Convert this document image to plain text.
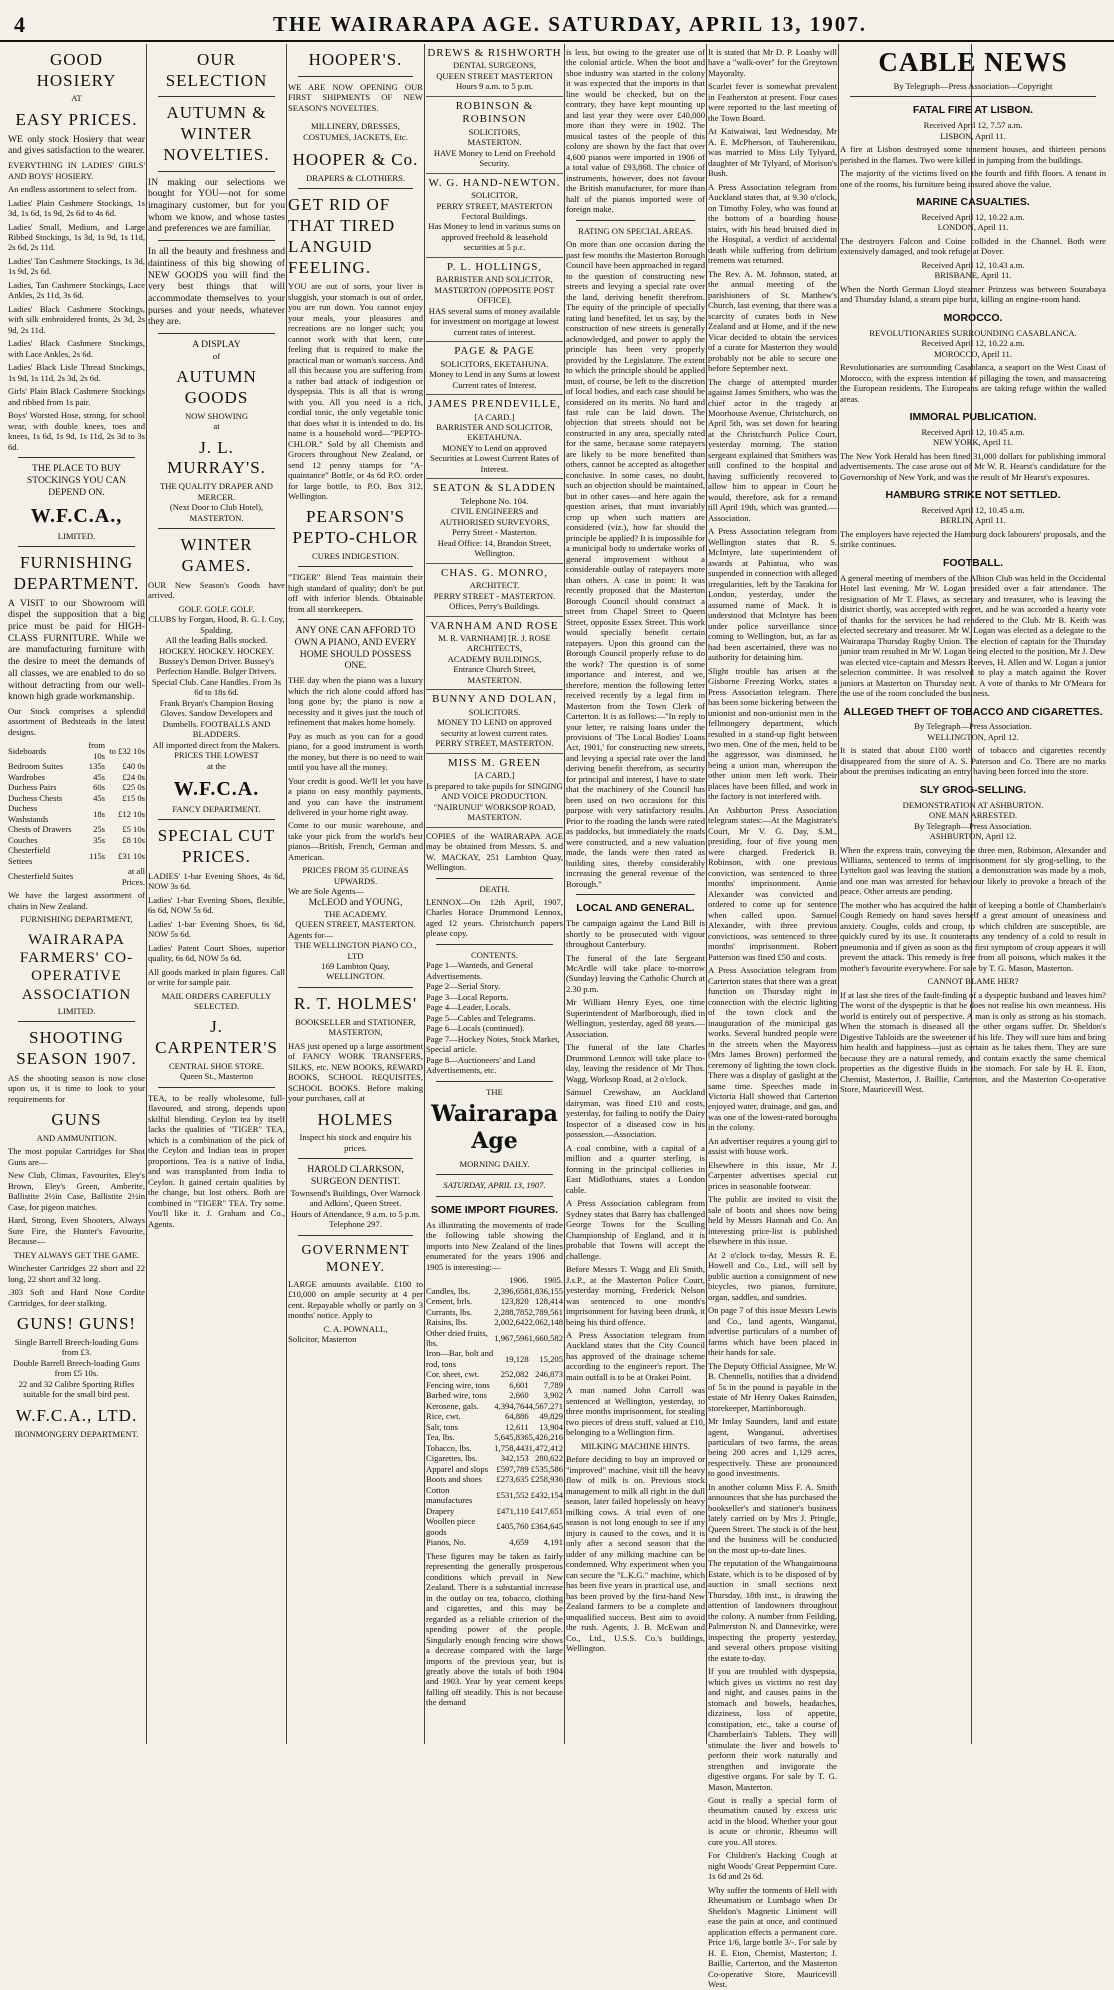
4	THE WAIRARAPA AGE. SATURDAY, APRIL 13, 1907.
GOOD HOSIERY
AT
EASY PRICES.
WE only stock Hosiery that wear and gives satisfaction to the wearer.
EVERYTHING IN LADIES' GIRLS' AND BOYS' HOSIERY.
An endless assortment to select from.
Ladies' Plain Cashmere Stockings, 1s 3d, 1s 6d, 1s 9d, 2s 6d to 4s 6d.
Ladies' Small, Medium, and Large Ribbed Stockings, 1s 3d, 1s 9d, 1s 11d, 2s 6d, 2s 11d.
Ladies' Tan Cashmere Stockings, 1s 3d, 1s 9d, 2s 6d.
Ladies, Tan Cashmere Stockings, Lace Ankles, 2s 11d, 3s 6d.
Ladies' Black Cashmere Stockings, with silk embroidered fronts, 2s 3d, 2s 9d, 2s 11d.
Ladies' Black Cashmere Stockings, with Lace Ankles, 2s 6d.
Ladies' Black Lisle Thread Stockings, 1s 9d, 1s 11d, 2s 3d, 2s 6d.
Girls' Plain Black Cashmere Stockings and ribbed from 1s pair.
Boys' Worsted Hose, strong, for school wear, with double knees, toes and knees, 1s 6d, 1s 9d, 1s 11d, 2s 3d to 3s 6d.
THE PLACE TO BUY STOCKINGS YOU CAN DEPEND ON.
W.F.C.A.,
LIMITED.
FURNISHING DEPARTMENT.
A VISIT to our Showroom will dispel the supposition that a big price must be paid for HIGH-CLASS FURNITURE. While we are manufacturing furniture with the desire to meet the demands of all classes, we are enabled to do so without detracting from our well-known high grade workmanship.
Our Stock comprises a splendid assortment of Bedsteads in the latest designs.
Sideboards	from 10s	to £32 10s
Bedroom Suites	135s	£40 0s
Wardrobes	45s	£24 0s
Duchess Pairs	60s	£25 0s
Duchess Chests	45s	£15 0s
Duchess Washstands	18s	£12 10s
Chests of Drawers	25s	£5 10s
Couches	35s	£8 10s
Chesterfield Settees	115s	£31 10s
Chesterfield Suites		at all Prices.
We have the largest assortment of chairs in New Zealand.
FURNISHING DEPARTMENT,
WAIRARAPA FARMERS' CO-OPERATIVE ASSOCIATION
LIMITED.
SHOOTING SEASON 1907.
AS the shooting season is now close upon us, it is time to look to your requirements for
GUNS
AND AMMUNITION.
The most popular Cartridges for Shot Guns are—
New Club, Climax, Favourites, Eley's Brown, Eley's Green, Amberite, Ballistite 2½in Case, Ballistite 2½in Case, for pigeon matches.
Hard, Strong, Even Shooters, Always Sure Fire, the Hunter's Favourite, Because—
THEY ALWAYS GET THE GAME.
Winchester Cartridges 22 short and 22 long, 22 short and 32 long.
.303 Soft and Hard Nose Cordite Cartridges, for deer stalking.
GUNS! GUNS!
Single Barrell Breech-loading Guns from £3.
Double Barrell Breech-loading Guns from £5 10s.
22 and 32 Calibre Sporting Rifles suitable for the small bird pest.
W.F.C.A., LTD.
IRONMONGERY DEPARTMENT.
OUR SELECTION
AUTUMN & WINTER NOVELTIES.
IN making our selections we bought for YOU—not for some imaginary customer, but for you whom we know, and whose tastes and preferences we are familiar.
In all the beauty and freshness and daintiness of this big showing of NEW GOODS you will find the very best things that will accommodate themselves to your purses and your needs, whatever they are.
A DISPLAY
of
AUTUMN GOODS
NOW SHOWING
at
J. L. MURRAY'S.
THE QUALITY DRAPER AND MERCER.
(Next Door to Club Hotel), MASTERTON.
WINTER GAMES.
OUR New Season's Goods have arrived.
GOLF. GOLF. GOLF.
CLUBS by Forgan, Hood, B. G. I. Coy, Spalding.
All the leading Balls stocked.
HOCKEY. HOCKEY. HOCKEY.
Bussey's Demon Driver. Bussey's Perfection Handle. Bulger Drivers. Special Club. Cane Handles. From 3s 6d to 18s 6d.
Frank Bryan's Champion Boxing Gloves. Sandow Developers and Dumbells. FOOTBALLS AND BLADDERS.
All imported direct from the Makers.
PRICES THE LOWEST
at the
W.F.C.A.
FANCY DEPARTMENT.
SPECIAL CUT PRICES.
LADIES' 1-bar Evening Shoes, 4s 6d, NOW 3s 6d.
Ladies' 1-bar Evening Shoes, flexible, 6s 6d, NOW 5s 6d.
Ladies' 1-bar Evening Shoes, 6s 6d, NOW 5s 6d.
Ladies' Patent Court Shoes, superior quality, 6s 6d, NOW 5s 6d.
All goods marked in plain figures. Call or write for sample pair.
MAIL ORDERS CAREFULLY SELECTED.
J. CARPENTER'S
CENTRAL SHOE STORE.
Queen St., Masterton
TEA, to be really wholesome, full-flavoured, and strong, depends upon skilful blending. Ceylon tea by itself lacks the qualities of "TIGER" TEA, which is a combination of the pick of the Ceylon and Indian teas in proper proportions. Tea is a native of India, and was transplanted from India to Ceylon. It gained certain qualities by the change, but lost others. Both are combined in "TIGER" TEA. Try some. You'll like it. J. Graham and Co., Agents.
HOOPER'S.
WE ARE NOW OPENING OUR FIRST SHIPMENTS OF NEW SEASON'S NOVELTIES.
MILLINERY, DRESSES, COSTUMES, JACKETS, Etc.
HOOPER & Co.
DRAPERS & CLOTHIERS.
GET RID OF THAT TIRED LANGUID FEELING.
YOU are out of sorts, your liver is sluggish, your stomach is out of order, you are run down. You cannot enjoy your meals, your pleasures and recreations are no longer such; you cannot work with that keen, cute feeling that is required to make the practical man or woman's success. And all this because you are suffering from a rather bad attack of indigestion or dyspepsia. This is all that is wrong with you. All you need is a rich, cordial tonic, the only vegetable tonic that does what it is intended to do. Its name is a household word—"PEPTO-CHLOR." Sold by all Chemists and Grocers throughout New Zealand, or send 12 penny stamps for "A-quaintance" Bottle, or 4s 6d P.O. order for large bottle, to P.O. Box 312, Wellington.
PEARSON'S PEPTO-CHLOR
CURES INDIGESTION.
"TIGER" Blend Teas maintain their high standard of quality; don't be put off with inferior blends. Obtainable from all storekeepers.
ANY ONE CAN AFFORD TO OWN A PIANO, AND EVERY HOME SHOULD POSSESS ONE.
THE day when the piano was a luxury which the rich alone could afford has long gone by; the piano is now a necessity and it gives just the touch of refinement that makes home homely.
Pay as much as you can for a good piano, for a good instrument is worth the money, but there is no need to wait until you have all the money.
Your credit is good. We'll let you have a piano on easy monthly payments, and you can have the instrument delivered in your home right away.
Come to our music warehouse, and take your pick from the world's best pianos—British, French, German and American.
PRICES FROM 35 GUINEAS UPWARDS.
We are Sole Agents—
McLEOD and YOUNG,
THE ACADEMY.
QUEEN STREET, MASTERTON.
Agents for—
THE WELLINGTON PIANO CO., LTD
169 Lambton Quay,
WELLINGTON.
R. T. HOLMES'
BOOKSELLER and STATIONER,
MASTERTON,
HAS just opened up a large assortment of FANCY WORK TRANSFERS, SILKS, etc. NEW BOOKS, REWARD BOOKS, SCHOOL REQUISITES, SCHOOL BOOKS. Before making your purchases, call at
HOLMES
Inspect his stock and enquire his prices.
HAROLD CLARKSON, SURGEON DENTIST.
Townsend's Buildings, Over Warnock and Adkins', Queen Street.
Hours of Attendance, 9 a.m. to 5 p.m. Telephone 297.
GOVERNMENT MONEY.
LARGE amounts available. £100 to £10,000 on ample security at 4 per cent. Repayable wholly or partly on 3 months' notice. Apply to
C. A. POWNALL,
Solicitor, Masterton
DREWS & RISHWORTH
DENTAL SURGEONS,
QUEEN STREET MASTERTON
Hours 9 a.m. to 5 p.m.
ROBINSON & ROBINSON
SOLICITORS,
MASTERTON.
HAVE Money to Lend on Freehold Security.
W. G. HAND-NEWTON.
SOLICITOR,
PERRY STREET, MASTERTON
Fectoral Buildings.
Has Money to lend in various sums on approved freehold & leasehold securities at 5 p.c.
P. L. HOLLINGS,
BARRISTER AND SOLICITOR,
MASTERTON (OPPOSITE POST OFFICE).
HAS several sums of money available for investment on mortgage at lowest current rates of interest.
PAGE & PAGE
SOLICITORS, EKETAHUNA.
Money to Lend in any Sums at lowest Current rates of Interest.
JAMES PRENDEVILLE,
[A CARD.]
BARRISTER AND SOLICITOR,
EKETAHUNA.
MONEY to Lend on approved Securities at Lowest Current Rates of Interest.
SEATON & SLADDEN
Telephone No. 104.
CIVIL ENGINEERS and AUTHORISED SURVEYORS,
Perry Street - Masterton.
Head Office: 14, Brandon Street, Wellington.
CHAS. G. MONRO,
ARCHITECT.
PERRY STREET - MASTERTON.
Offices, Perry's Buildings.
VARNHAM AND ROSE
M. R. VARNHAM] [R. J. ROSE
ARCHITECTS,
ACADEMY BUILDINGS,
Entrance Church Street, MASTERTON.
BUNNY AND DOLAN,
SOLICITORS.
MONEY TO LEND on approved security at lowest current rates.
PERRY STREET, MASTERTON.
MISS M. GREEN
[A CARD.]
Is prepared to take pupils for SINGING AND VOICE PRODUCTION.
"NAIRUNUI" WORKSOP ROAD, MASTERTON.
COPIES of the WAIRARAPA AGE may be obtained from Messrs. S. and W. MACKAY, 251 Lambton Quay, Wellington.
DEATH.
LENNOX—On 12th April, 1907, Charles Horace Drummond Lennox, aged 12 years. Christchurch papers please copy.
CONTENTS.
Page 1—Wanteds, and General Advertisements.
Page 2—Serial Story.
Page 3—Local Reports.
Page 4—Leader, Locals.
Page 5—Cables and Telegrams.
Page 6—Locals (continued).
Page 7—Hockey Notes, Stock Market, Special article.
Page 8—Auctioneers' and Land Advertisements, etc.
THE
Wairarapa Age
MORNING DAILY.
SATURDAY, APRIL 13, 1907.
SOME IMPORT FIGURES.
As illustrating the movements of trade the following table showing the imports into New Zealand of the lines enumerated for the years 1906 and 1905 is interesting:—
	1906.	1905.
Candles, lbs.	2,396,658	1,836,155
Cement, brls.	123,820	128,414
Currants, lbs.	2,288,785	2,789,561
Raisins, lbs.	2,002,642	2,062,148
Other dried fruits, lbs.	1,967,596	1,660,582
Iron—Bar, bolt and rod, tons	19,128	15,205
Cor. sheet, cwt.	252,082	246,873
Fencing wire, tons	6,601	7,789
Barbed wire, tons	2,660	3,902
Kerosene, gals.	4,394,764	4,567,271
Rice, cwt.	64,886	49,829
Salt, tons	12,611	13,904
Tea, lbs.	5,645,836	5,426,216
Tobacco, lbs.	1,758,443	1,472,412
Cigarettes, lbs.	342,153	280,622
Apparel and slops	£597,789	£535,586
Boots and shoes	£273,635	£258,936
Cotton manufactures	£531,552	£432,154
Drapery	£471,110	£417,651
Woollen piece goods	£405,760	£364,645
Pianos, No.	4,659	4,191
These figures may be taken as fairly representing the generally prosperous conditions which prevail in New Zealand. There is a substantial increase in the outlay on tea, tobacco, clothing and cigarettes, and this may be regarded as a reliable criterion of the spending power of the people. Singularly enough fencing wire shows a decrease compared with the large imports of the previous year, but is greatly above the totals of both 1904 and 1903. Year by year cement keeps falling off steadily. This is not because the demand
is less, but owing to the greater use of the colonial article. When the boot and shoe industry was started in the colony it was expected that the imports in that line would be checked, but on the contrary, they have kept mounting up and last year they were over £40,000 more than they were in 1902. The musical tastes of the people of this colony are shown by the fact that over 4,600 pianos were imported in 1906 of a total value of £93,868. The choice of instruments, however, does not favour the British manufacturer, for more than half of the pianos imported were of foreign make.
RATING ON SPECIAL AREAS.
On more than one occasion during the past few months the Masterton Borough Council have been approached in regard to the question of constructing new streets and levying a special rate over the land, deriving benefit therefrom. The equity of the principle of specially rating land benefited, let us say, by the construction of new streets is generally acknowledged, and power to apply the principle has been very properly provided by the Legislature. The extent to which the principle should be applied must, of course, be left to the discretion of local bodies, and each case should be considered on its merits. No hard and fast rule can be laid down. The objection that streets should not be constructed in any area, specially rated for the same, because some ratepayers are likely to be more benefited than others, cannot be accepted as altogether conclusive. In some cases, no doubt, such an objection should be maintained, but in other cases—and here again the question arises, that must invariably crop up when such matters are considered (viz.), how far should the principle be applied? It is impossible for a municipal body to undertake works of general improvement without a considerable outlay of ratepayers more than others. A case in point: It was recently proposed that the Masterton Borough Council should construct a street from Chapel Street to Queen Street, opposite Essex Street. This work would specially benefit certain ratepayers. Upon this ground can the Borough Council properly refuse to do the work? The question is of some importance and interest, and we, therefore, mention the following letter received recently by a legal firm in Masterton from the Town Clerk of Carterton. It is as follows:—"In reply to your letter, re raising loans under the provisions of 'The Local Bodies' Loans Act, 1901,' for constructing new streets, and levying a special rate over the land deriving benefit therefrom, as security for principal and interest, I have to state that the machinery of the Council has been used on two occasions for this purpose with very satisfactory results. Prior to the roading the lands were rated as paddocks, but immediately the roads were constructed, and a new valuation made, the lands were then rated as building sites, thereby considerably increasing the general revenue of the Borough."
LOCAL AND GENERAL.
The campaign against the Land Bill is shortly to be prosecuted with vigour throughout Canterbury.
The funeral of the late Sergeant McArdle will take place to-morrow (Sunday) leaving the Catholic Church at 2.30 p.m.
Mr William Henry Eyes, one time Superintendent of Marlborough, died in Wellington, yesterday, aged 88 years.—Association.
The funeral of the late Charles Drummond Lennox will take place to-day, leaving the residence of Mr Thos. Wagg, Worksop Road, at 2 o'clock.
Samuel Crewshaw, an Auckland dairyman, was fined £10 and costs, yesterday, for failing to notify the Dairy Inspector of a diseased cow in his possession.—Association.
A coal combine, with a capital of a million and a quarter sterling, is forming in the principal collieries in East Midlothians, states a London cable.
A Press Association cablegram from Sydney states that Barry has challenged George Towns for the Sculling Championship of England, and it is probable that Towns will accept the challenge.
Before Messrs T. Wagg and Eli Smith, J.s.P., at the Masterton Police Court, yesterday morning, Frederick Nelson was sentenced to one month's imprisonment for having been drunk, it being his third offence.
A Press Association telegram from Auckland states that the City Council has approved of the drainage scheme according to the engineer's report. The main outfall is to be at Orakei Point.
A man named John Carroll was sentenced at Wellington, yesterday, to three months imprisonment, for stealing two pieces of dress stuff, valued at £10, belonging to a Wellington firm.
MILKING MACHINE HINTS.
Before deciding to buy an improved or "improved" machine, visit till the heavy flow of milk is on. Previous stock management to milk all right in the dull season, later failed hopelessly on heavy milking cows. A trial even of one season is not long enough to see if any injury is caused to the cows, and it is only after a second season that the udder of any milking machine can be condemned. Why experiment when you can secure the "L.K.G." machine, which has been five years in practical use, and has been proved by the first-hand New Zealand farmers to be a complete and unqualified success. Best aim to avoid the rush. Agents, J. B. McEwan and Co., Ltd., U.S.S. Co.'s buildings, Wellington.
It is stated that Mr D. P. Loasby will have a "walk-over" for the Greytown Mayoralty.
Scarlet fever is somewhat prevalent in Featherston at present. Four cases were reported to the last meeting of the Town Board.
At Kaiwaiwai, last Wednesday, Mr A. E. McPherson, of Tauherenikau, was married to Miss Lily Tylyard, daughter of Mr Tylyard, of Morison's Bush.
A Press Association telegram from Auckland states that, at 9.30 o'clock, on Timothy Foley, who was found at the bottom of a boarding house stairs, with his head bruised died in the Hospital, a verdict of accidental death while suffering from delirium tremens was returned.
The Rev. A. M. Johnson, stated, at the annual meeting of the parishioners of St. Matthew's Church, last evening, that there was a scarcity of curates both in New Zealand and at Home, and if the new Vicar decided to obtain the services of a curate for Masterton they would probably not be able to secure one before September next.
The charge of attempted murder against James Smithers, who was the chief actor in the tragedy at Moorhouse Avenue, Christchurch, on April 5th, was set down for hearing at the Christchurch Police Court, yesterday morning. The station sergeant explained that Smithers was still confined to the hospital and having sufficiently recovered to allow him to appear in Court he would, therefore, ask for a remand till April 19th, which was granted.—Association.
A Press Association telegram from Wellington states that R. S. McIntyre, late superintendent of awards at Pahiatua, who was suspended in connection with alleged irregularities, left by the Tarakina for London, yesterday, under the assumed name of Mack. It is understood that McIntyre has been under police surveillance since coming to Wellington, but, as far as had been ascertained, there was no authority for detaining him.
Slight trouble has arisen at the Gisborne Freezing Works, states a Press Association telegram. There has been some bickering between the unionist and non-unionist men in the fellmongery department, which resulted in a stand-up fight between two men. One of the men, held to be the aggressor, was dismissed, he being a union man, whereupon the other union men left work. Their places have been filled, and work in the factory is not interfered with.
An Ashburton Press Association telegram states:—At the Magistrate's Court, Mr V. G. Day, S.M., presiding, four of five young men were charged. Frederick B. Robinson, with one previous conviction, was sentenced to three months' imprisonment. Annie Alexander was convicted and ordered to come up for sentence when called upon. Samuel Alexander, with three previous convictions, was sentenced to three months' imprisonment. Robert Patterson was fined £50 and costs.
A Press Association telegram from Carterton states that there was a great function on Thursday night in connection with the electric lighting of the town clock and the inauguration of the municipal gas works. Several hundred people were in the streets when the Mayoress (Mrs James Brown) performed the ceremony of lighting the town clock. There was a display of gaslight at the same time. Speeches made in Victoria Hall showed that Carterton enjoyed water, drainage, and gas, and was one of the lowest-rated boroughs in the colony.
An advertiser requires a young girl to assist with house work.
Elsewhere in this issue, Mr J. Carpenter advertises special cut prices in seasonable footwear.
The public are invited to visit the sale of boots and shoes now being held by Messrs Hannah and Co. An interesting price-list is published elsewhere in this issue.
At 2 o'clock to-day, Messrs R. E. Howell and Co., Ltd., will sell by public auction a consignment of new bicycles, two pianos, furniture, organ, saddles, and sundries.
On page 7 of this issue Messrs Lewis and Co., land agents, Wanganui, advertise particulars of a number of farms which have been placed in their hands for sale.
The Deputy Official Assignee, Mr W. B. Chennells, notifies that a dividend of 5s in the pound is payable in the estate of Mr Henry Oakes Rainsden, storekeeper, Martinborough.
Mr Imlay Saunders, land and estate agent, Wanganui, advertises particulars of two farms, the areas being 200 acres and 1,129 acres, respectively. These are pronounced to good investments.
In another column Miss F. A. Smith announces that she has purchased the bookseller's and stationer's business lately carried on by Mrs J. Pringle, Queen Street. The stock is of the best and the business will be conducted on the most up-to-date lines.
The reputation of the Whangaimoana Estate, which is to be disposed of by auction in small sections next Thursday, 18th inst., is drawing the attention of landowners throughout the colony. A number from Feilding, Palmerston N. and Dannevirke, were inspecting the property yesterday, and several others propose visiting the estate to-day.
If you are troubled with dyspepsia, which gives us victims no rest day and night, and causes pains in the stomach and bowels, headaches, dizziness, loss of appetite, constipation, etc., take a course of Chamberlain's Tablets. They will stimulate the liver and bowels to perform their work naturally and strengthen and invigorate the digestive organs. For sale by T. G. Mason, Masterton.
Gout is really a special form of rheumatism caused by excess uric acid in the blood. Whether your gout is acute or chronic, Rheumo will cure you. All stores.
For Children's Hacking Cough at night Woods' Great Peppermint Cure. 1s 6d and 2s 6d.
Why suffer the torments of Hell with Rheumatism or Lumbago when Dr Sheldon's Magnetic Liniment will ease the pain at once, and continued application effects a permanent cure. Price 1/6, large bottle 3/-. For sale by H. E. Eton, Chemist, Masterton; J. Baillie, Carterton, and the Masterton Co-operative Store, Mauricevill West.
CABLE NEWS
By Telegraph—Press Association—Copyright
FATAL FIRE AT LISBON.
Received April 12, 7.57 a.m.
LISBON, April 11.
A fire at Lisbon destroyed some tenement houses, and thirteen persons perished in the flames. Two were killed in jumping from the buildings.
The majority of the victims lived on the fourth and fifth floors. A tenant in one of the rooms, his furniture being insured above the value.
MARINE CASUALTIES.
Received April 12, 10.22 a.m.
LONDON, April 11.
The destroyers Falcon and Coine collided in the Channel. Both were extensively damaged, and took refuge at Dover.
Received April 12, 10.43 a.m.
BRISBANE, April 11.
When the North German Lloyd steamer Prinzess was between Sourabaya and Thursday Island, a steam pipe burst, killing an engine-room hand.
MOROCCO.
REVOLUTIONARIES SURROUNDING CASABLANCA.
Received April 12, 10.22 a.m.
MOROCCO, April 11.
Revolutionaries are surrounding Casablanca, a seaport on the West Coast of Morocco, with the express intention of pillaging the town, and massacreing the European residents. The Europeans are taking refuge within the walled areas.
IMMORAL PUBLICATION.
Received April 12, 10.45 a.m.
NEW YORK, April 11.
The New York Herald has been fined 31,000 dollars for publishing immoral advertisements. The case arose out of Mr W. R. Hearst's candidature for the Governorship of New York, and was the result of Mr Hearst's exposures.
HAMBURG STRIKE NOT SETTLED.
Received April 12, 10.45 a.m.
BERLIN, April 11.
The employers have rejected the Hamburg dock labourers' proposals, and the strike continues.
FOOTBALL.
A general meeting of members of the Albion Club was held in the Occidental Hotel last evening. Mr W. Logan presided over a fair attendance. The resignation of Mr T. Flaws, as secretary and treasurer, who is leaving the district shortly, was accepted with regret, and he was accorded a hearty vote of thanks for the services he had rendered to the Club. Mr B. Keith was elected secretary and treasurer. Mr W. Logan was elected as a delegate to the Wairarapa Thursday Rugby Union. The election of captain for the Thursday junior team resulted in Mr W. Logan being elected to the position, Mr J. Dew was elected vice-captain and Messrs Reeves, H. Allen and W. Logan a junior selection committee. It was resolved to play a match against the Rover juniors at Masterton on Thursday next. A vote of thanks to Mr O'Meara for the use of the room concluded the business.
ALLEGED THEFT OF TOBACCO AND CIGARETTES.
By Telegraph—Press Association.
WELLINGTON, April 12.
It is stated that about £100 worth of tobacco and cigarettes recently disappeared from the store of A. S. Paterson and Co. There are no marks about the premises indicating an entry having been forced into the store.
SLY GROG-SELLING.
DEMONSTRATION AT ASHBURTON.
ONE MAN ARRESTED.
By Telegraph—Press Association.
ASHBURTON, April 12.
When the express train, conveying the three men, Robinson, Alexander and Williams, sentenced to terms of imprisonment for sly grog-selling, to the Lyttelton gaol was leaving the station, a demonstration was made by a mob, and one man was arrested for behaviour likely to provoke a breach of the peace. Other arrests are pending.
The mother who has acquired the habit of keeping a bottle of Chamberlain's Cough Remedy on hand saves herself a great amount of uneasiness and anxiety. Coughs, colds and croup, to which children are susceptible, are quickly cured by its use. It counteracts any tendency of a cold to result in pneumonia and if given as soon as the first symptom of croup appears it will prevent the attack. This remedy is free from all poisons, which makes it the mother's favourite everywhere. For sale by T. G. Mason, Masterton.
CANNOT BLAME HER?
If at last she tires of the fault-finding of a dyspeptic husband and leaves him? The worst of the dyspeptic is that he does not realise his own meanness. His world is entirely out of perspective. A man is only as strong as his stomach. When the stomach is diseased all the other organs suffer. Dr. Sheldon's Digestive Tabloids are the sweetener of his life. They will sure him and bring him health and happiness—just as certain as he takes them. They are sure because they are a natural remedy, and contain exactly the same chemical properties as the digestive fluids in the stomach. For sale by H. E. Eton, Chemist, Masterton, J. Baillie, Carterton, and the Masterton Co-operative Store, Mauricevill West.
